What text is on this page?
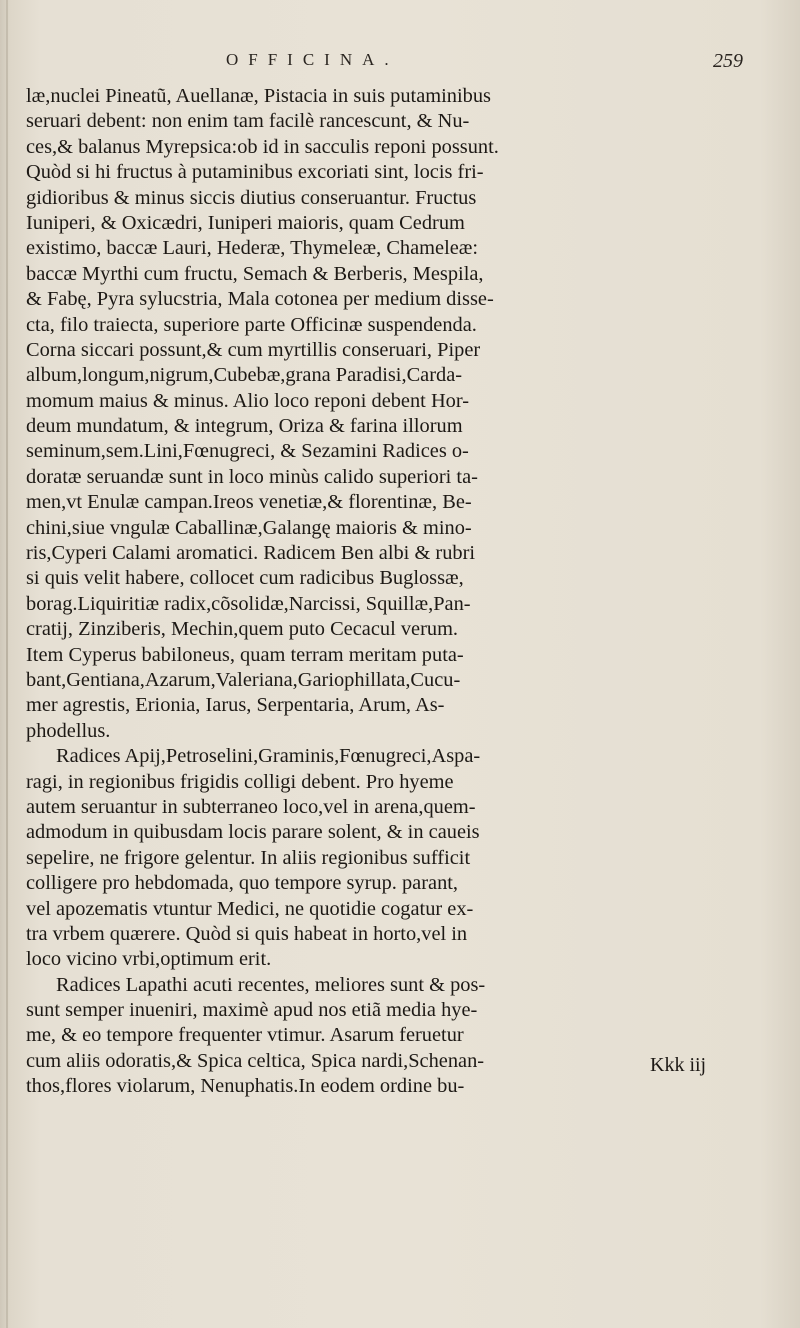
OFFICINA.	259
læ,nuclei Pineatũ, Auellanæ, Pistacia in suis putaminibus
seruari debent: non enim tam facilè rancescunt, & Nu-
ces,& balanus Myrepsica:ob id in sacculis reponi possunt.
Quòd si hi fructus à putaminibus excoriati sint, locis fri-
gidioribus & minus siccis diutius conseruantur. Fructus
Iuniperi, & Oxicædri, Iuniperi maioris, quam Cedrum
existimo, baccæ Lauri, Hederæ, Thymeleæ, Chameleæ:
baccæ Myrthi cum fructu, Semach & Berberis, Mespila,
& Fabę, Pyra sylucstria, Mala cotonea per medium disse-
cta, filo traiecta, superiore parte Officinæ suspendenda.
Corna siccari possunt,& cum myrtillis conseruari, Piper
album,longum,nigrum,Cubebæ,grana Paradisi,Carda-
momum maius & minus. Alio loco reponi debent Hor-
deum mundatum, & integrum, Oriza & farina illorum
seminum,sem.Lini,Fœnugreci, & Sezamini Radices o-
doratæ seruandæ sunt in loco minùs calido superiori ta-
men,vt Enulæ campan.Ireos venetiæ,& florentinæ, Be-
chini,siue vngulæ Caballinæ,Galangę maioris & mino-
ris,Cyperi Calami aromatici. Radicem Ben albi & rubri
si quis velit habere, collocet cum radicibus Buglossæ,
borag.Liquiritiæ radix,cõsolidæ,Narcissi, Squillæ,Pan-
cratij, Zinziberis, Mechin,quem puto Cecacul verum.
Item Cyperus babiloneus, quam terram meritam puta-
bant,Gentiana,Azarum,Valeriana,Gariophillata,Cucu-
mer agrestis, Erionia, Iarus, Serpentaria, Arum, As-
phodellus.
Radices Apij,Petroselini,Graminis,Fœnugreci,Aspa-
ragi, in regionibus frigidis colligi debent. Pro hyeme
autem seruantur in subterraneo loco,vel in arena,quem-
admodum in quibusdam locis parare solent, & in caueis
sepelire, ne frigore gelentur. In aliis regionibus sufficit
colligere pro hebdomada, quo tempore syrup. parant,
vel apozematis vtuntur Medici, ne quotidie cogatur ex-
tra vrbem quærere. Quòd si quis habeat in horto,vel in
loco vicino vrbi,optimum erit.
Radices Lapathi acuti recentes, meliores sunt & pos-
sunt semper inueniri, maximè apud nos etiã media hye-
me, & eo tempore frequenter vtimur. Asarum feruetur
cum aliis odoratis,& Spica celtica, Spica nardi,Schenan-
thos,flores violarum, Nenuphatis.In eodem ordine bu-
Kkk iij
